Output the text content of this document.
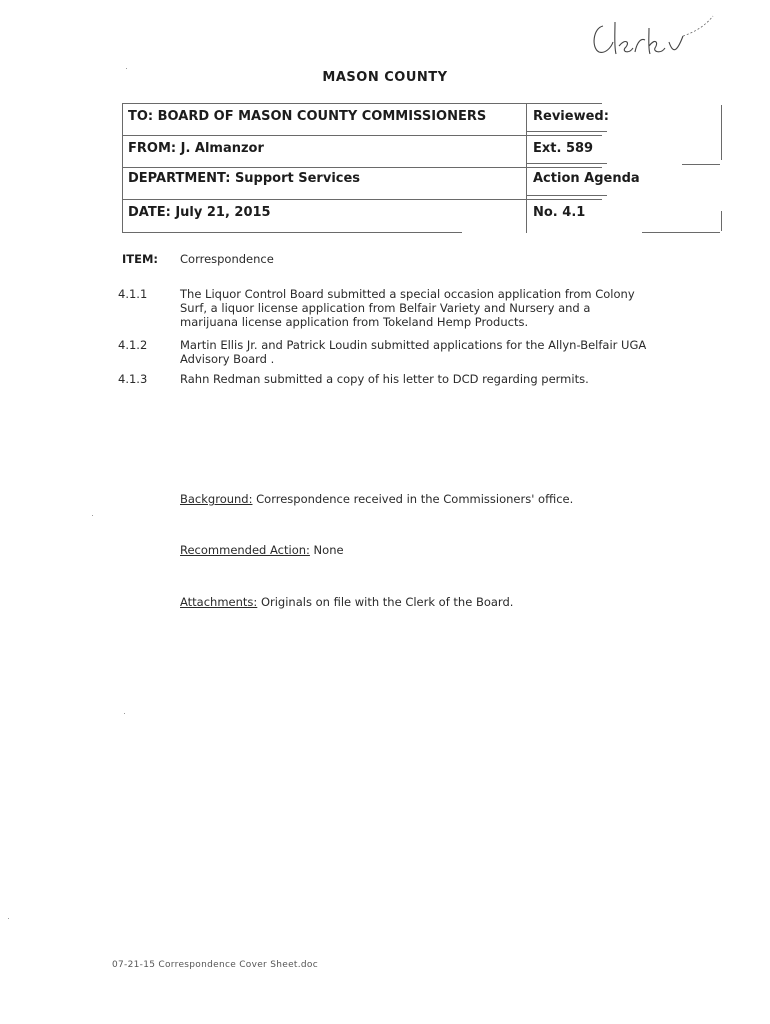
MASON COUNTY
TO: BOARD OF MASON COUNTY COMMISSIONERS	Reviewed:
FROM: J. Almanzor	Ext. 589
DEPARTMENT: Support Services	Action Agenda
DATE: July 21, 2015	No. 4.1
ITEM: Correspondence
4.1.1	The Liquor Control Board submitted a special occasion application from Colony Surf, a liquor license application from Belfair Variety and Nursery and a marijuana license application from Tokeland Hemp Products.
4.1.2	Martin Ellis Jr. and Patrick Loudin submitted applications for the Allyn-Belfair UGA Advisory Board .
4.1.3	Rahn Redman submitted a copy of his letter to DCD regarding permits.
Background: Correspondence received in the Commissioners' office.
Recommended Action: None
Attachments: Originals on file with the Clerk of the Board.
07-21-15 Correspondence Cover Sheet.doc
